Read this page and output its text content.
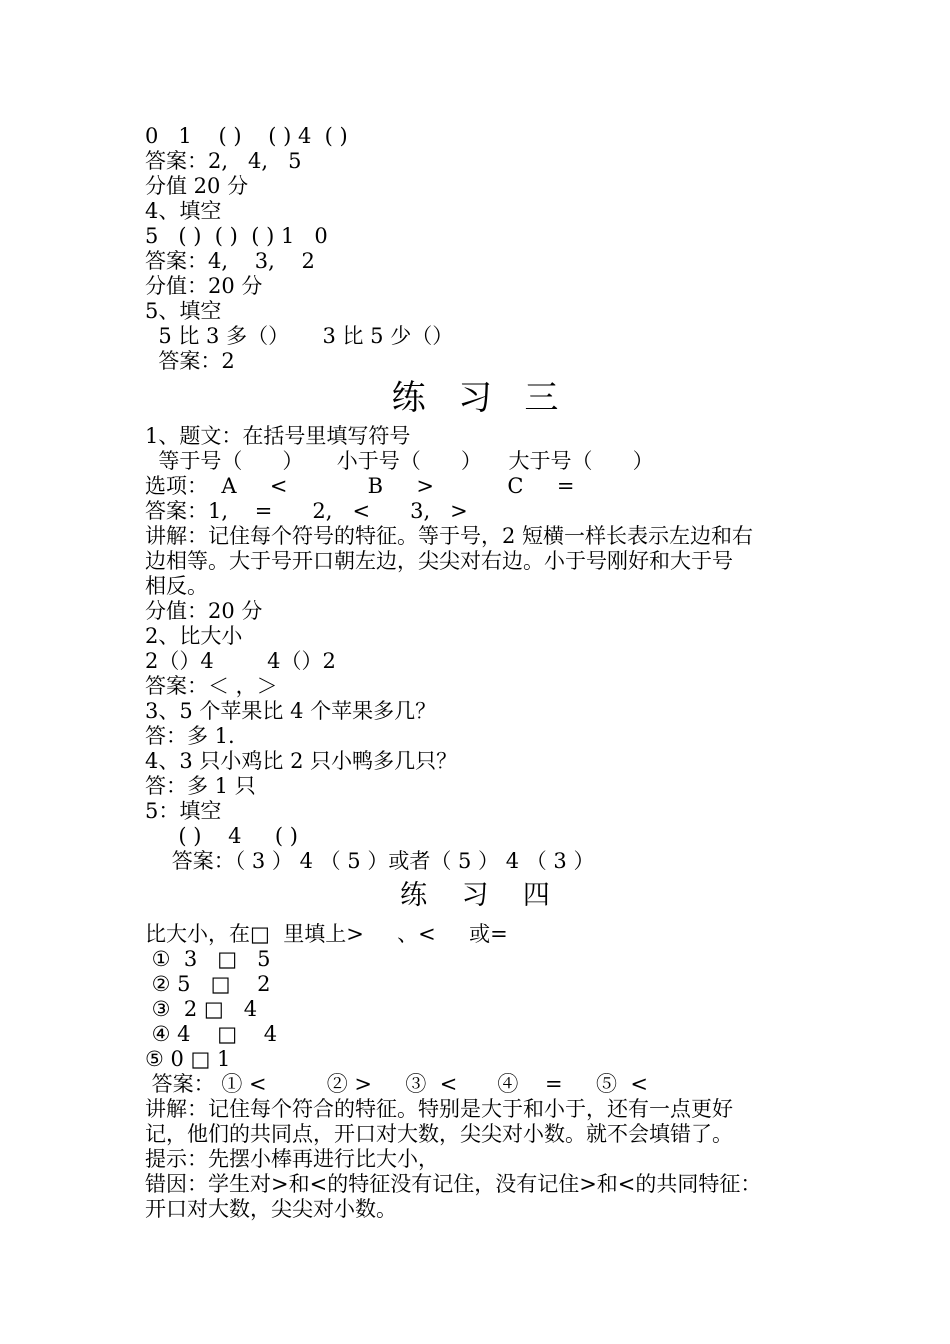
0   1    ( )    ( ) 4  ( )

答案：2,   4,   5

分值 20 分

4、填空

5   ( )  ( )  ( ) 1   0

答案：4,    3,    2

分值：20 分

5、填空

5 比 3 多（）     3 比 5 少（）

答案：2

练   习   三

1、题文：在括号里填写符号

等于号（      ）     小于号（      ）    大于号（      ）

选项：  A     <            B     >           C     =

答案：1,    =      2,   <      3,   >

讲解：记住每个符号的特征。等于号，2 短横一样长表示左边和右

边相等。大于号开口朝左边，尖尖对右边。小于号刚好和大于号

相反。

分值：20 分

2、比大小

2（）4        4（）2

答案：＜ ，＞

3、5 个苹果比 4 个苹果多几？

答：多 1.

4、3 只小鸡比 2 只小鸭多几只？

答：多 1 只

5：填空

( )    4     ( )

答案：（ 3 ） 4 （ 5 ）或者（ 5 ） 4 （ 3 ）

练    习    四

比大小，在□  里填上>     、<     或=

①  3   □   5

② 5   □    2

③  2 □   4

④ 4    □    4

⑤ 0 □ 1

答案： ① <         ② >     ③  <      ④    =     ⑤  <

讲解：记住每个符合的特征。特别是大于和小于，还有一点更好

记，他们的共同点，开口对大数，尖尖对小数。就不会填错了。

提示：先摆小棒再进行比大小，

错因：学生对>和<的特征没有记住，没有记住>和<的共同特征：

开口对大数，尖尖对小数。
